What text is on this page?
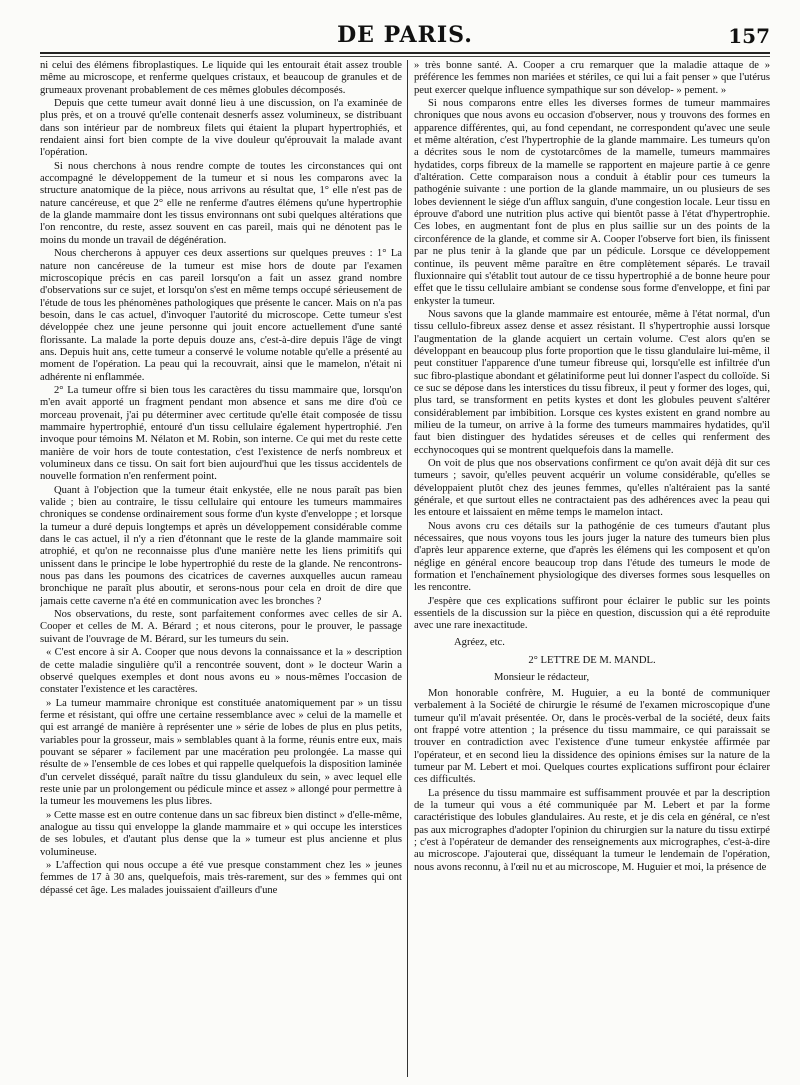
DE PARIS.	157

ni celui des élémens fibroplastiques. Le liquide qui les entourait était assez trouble même au microscope, et renferme quelques cristaux, et beaucoup de granules et de grumeaux provenant probablement de ces mêmes globules décomposés.

Depuis que cette tumeur avait donné lieu à une discussion, on l'a examinée de plus près, et on a trouvé qu'elle contenait desnerfs assez volumineux, se distribuant dans son intérieur par de nombreux filets qui étaient la plupart hypertrophiés, et rendaient ainsi fort bien compte de la vive douleur qu'éprouvait la malade avant l'opération.

Si nous cherchons à nous rendre compte de toutes les circonstances qui ont accompagné le développement de la tumeur et si nous les comparons avec la structure anatomique de la pièce, nous arrivons au résultat que, 1° elle n'est pas de nature cancéreuse, et que 2° elle ne renferme d'autres élémens qu'une hypertrophie de la glande mammaire dont les tissus environnans ont subi quelques altérations que l'on rencontre, du reste, assez souvent en cas pareil, mais qui ne dénotent pas le moins du monde un travail de dégénération.

Nous chercherons à appuyer ces deux assertions sur quelques preuves : 1° La nature non cancéreuse de la tumeur est mise hors de doute par l'examen microscopique précis en cas pareil lorsqu'on a fait un assez grand nombre d'observations sur ce sujet, et lorsqu'on s'est en même temps occupé sérieusement de l'étude de tous les phénomènes pathologiques que présente le cancer. Mais on n'a pas besoin, dans le cas actuel, d'invoquer l'autorité du microscope. Cette tumeur s'est développée chez une jeune personne qui jouit encore actuellement d'une santé florissante. La malade la porte depuis douze ans, c'est-à-dire depuis l'âge de vingt ans. Depuis huit ans, cette tumeur a conservé le volume notable qu'elle a présenté au moment de l'opération. La peau qui la recouvrait, ainsi que le mamelon, n'était ni adhérente ni enflammée.

2° La tumeur offre si bien tous les caractères du tissu mammaire que, lorsqu'on m'en avait apporté un fragment pendant mon absence et sans me dire d'où ce morceau provenait, j'ai pu déterminer avec certitude qu'elle était composée de tissu mammaire hypertrophié, entouré d'un tissu cellulaire également hypertrophié. J'en invoque pour témoins M. Nélaton et M. Robin, son interne. Ce qui met du reste cette manière de voir hors de toute contestation, c'est l'existence de nerfs nombreux et volumineux dans ce tissu. On sait fort bien aujourd'hui que les tissus accidentels de nouvelle formation n'en renferment point.

Quant à l'objection que la tumeur était enkystée, elle ne nous paraît pas bien valide ; bien au contraire, le tissu cellulaire qui entoure les tumeurs mammaires chroniques se condense ordinairement sous forme d'un kyste d'enveloppe ; et lorsque la tumeur a duré depuis longtemps et après un développement considérable comme dans le cas actuel, il n'y a rien d'étonnant que le reste de la glande mammaire soit atrophié, et qu'on ne reconnaisse plus d'une manière nette les liens primitifs qui unissent dans le principe le lobe hypertrophié du reste de la glande. Ne rencontrons-nous pas dans les poumons des cicatrices de cavernes auxquelles aucun rameau bronchique ne paraît plus aboutir, et serons-nous pour cela en droit de dire que jamais cette caverne n'a été en communication avec les bronches ?

Nos observations, du reste, sont parfaitement conformes avec celles de sir A. Cooper et celles de M. A. Bérard ; et nous citerons, pour le prouver, le passage suivant de l'ouvrage de M. Bérard, sur les tumeurs du sein.

« C'est encore à sir A. Cooper que nous devons la connaissance et la » description de cette maladie singulière qu'il a rencontrée souvent, dont » le docteur Warin a observé quelques exemples et dont nous avons eu » nous-mêmes l'occasion de constater l'existence et les caractères.

» La tumeur mammaire chronique est constituée anatomiquement par » un tissu ferme et résistant, qui offre une certaine ressemblance avec » celui de la mamelle et qui est arrangé de manière à représenter une » série de lobes de plus en plus petits, variables pour la grosseur, mais » semblables quant à la forme, réunis entre eux, mais pouvant se séparer » facilement par une macération peu prolongée. La masse qui résulte de » l'ensemble de ces lobes et qui rappelle quelquefois la disposition laminée d'un cervelet disséqué, paraît naître du tissu glanduleux du sein, » avec lequel elle reste unie par un prolongement ou pédicule mince et assez » allongé pour permettre à la tumeur les mouvemens les plus libres.

» Cette masse est en outre contenue dans un sac fibreux bien distinct » d'elle-même, analogue au tissu qui enveloppe la glande mammaire et » qui occupe les interstices de ses lobules, et d'autant plus dense que la » tumeur est plus ancienne et plus volumineuse.

» L'affection qui nous occupe a été vue presque constamment chez les » jeunes femmes de 17 à 30 ans, quelquefois, mais très-rarement, sur des » femmes qui ont dépassé cet âge. Les malades jouissaient d'ailleurs d'une

» très bonne santé. A. Cooper a cru remarquer que la maladie attaque de » préférence les femmes non mariées et stériles, ce qui lui a fait penser » que l'utérus peut exercer quelque influence sympathique sur son dévelop- » pement. »

Si nous comparons entre elles les diverses formes de tumeur mammaires chroniques que nous avons eu occasion d'observer, nous y trouvons des formes en apparence différentes, qui, au fond cependant, ne correspondent qu'avec une seule et même altération, c'est l'hypertrophie de la glande mammaire. Les tumeurs qu'on a décrites sous le nom de cystotarcômes de la mamelle, tumeurs mammaires hydatides, corps fibreux de la mamelle se rapportent en majeure partie à ce genre d'altération. Cette comparaison nous a conduit à établir pour ces tumeurs la pathogénie suivante : une portion de la glande mammaire, un ou plusieurs de ses lobes deviennent le siége d'un afflux sanguin, d'une congestion locale. Leur tissu en éprouve d'abord une nutrition plus active qui bientôt passe à l'état d'hypertrophie. Ces lobes, en augmentant font de plus en plus saillie sur un des points de la circonférence de la glande, et comme sir A. Cooper l'observe fort bien, ils finissent par ne plus tenir à la glande que par un pédicule. Lorsque ce développement continue, ils peuvent même paraître en être complètement séparés. Le travail fluxionnaire qui s'établit tout autour de ce tissu hypertrophié a de bonne heure pour effet que le tissu cellulaire ambiant se condense sous forme d'enveloppe, et fini par enkyster la tumeur.

Nous savons que la glande mammaire est entourée, même à l'état normal, d'un tissu cellulo-fibreux assez dense et assez résistant. Il s'hypertrophie aussi lorsque l'augmentation de la glande acquiert un certain volume. C'est alors qu'en se développant en beaucoup plus forte proportion que le tissu glandulaire lui-même, il peut constituer l'apparence d'une tumeur fibreuse qui, lorsqu'elle est infiltrée d'un suc fibro-plastique abondant et gélatiniforme peut lui donner l'aspect du colloïde. Si ce suc se dépose dans les interstices du tissu fibreux, il peut y former des loges, qui, plus tard, se transforment en petits kystes et dont les globules peuvent s'altérer considérablement par imbibition. Lorsque ces kystes existent en grand nombre au milieu de la tumeur, on arrive à la forme des tumeurs mammaires hydatides, qu'il faut bien distinguer des hydatides séreuses et de celles qui renferment des ecchynocoques qui se montrent quelquefois dans la mamelle.

On voit de plus que nos observations confirment ce qu'on avait déjà dit sur ces tumeurs ; savoir, qu'elles peuvent acquérir un volume considérable, qu'elles se développaient plutôt chez des jeunes femmes, qu'elles n'altéraient pas la santé générale, et que surtout elles ne contractaient pas des adhérences avec la peau qui les entoure et laissaient en même temps le mamelon intact.

Nous avons cru ces détails sur la pathogénie de ces tumeurs d'autant plus nécessaires, que nous voyons tous les jours juger la nature des tumeurs bien plus d'après leur apparence externe, que d'après les élémens qui les composent et qu'on néglige en général encore beaucoup trop dans l'étude des tumeurs le mode de formation et l'enchaînement physiologique des diverses formes sous lesquelles on les rencontre.

J'espère que ces explications suffiront pour éclairer le public sur les points essentiels de la discussion sur la pièce en question, discussion qui a été reproduite avec une rare inexactitude.

Agréez, etc.

2° LETTRE DE M. MANDL.

Monsieur le rédacteur,

Mon honorable confrère, M. Huguier, a eu la bonté de communiquer verbalement à la Société de chirurgie le résumé de l'examen microscopique d'une tumeur qu'il m'avait présentée. Or, dans le procès-verbal de la société, deux faits ont frappé votre attention ; la présence du tissu mammaire, ce qui paraissait se trouver en contradiction avec l'existence d'une tumeur enkystée affirmée par l'opérateur, et en second lieu la dissidence des opinions émises sur la nature de la tumeur par M. Lebert et moi. Quelques courtes explications suffiront pour éclairer ces difficultés.

La présence du tissu mammaire est suffisamment prouvée et par la description de la tumeur qui vous a été communiquée par M. Lebert et par la forme caractéristique des lobules glandulaires. Au reste, et je dis cela en général, ce n'est pas aux micrographes d'adopter l'opinion du chirurgien sur la nature du tissu extirpé ; c'est à l'opérateur de demander des renseignements aux micrographes, c'est-à-dire au microscope. J'ajouterai que, disséquant la tumeur le lendemain de l'opération, nous avons reconnu, à l'œil nu et au microscope, M. Huguier et moi, la présence de
